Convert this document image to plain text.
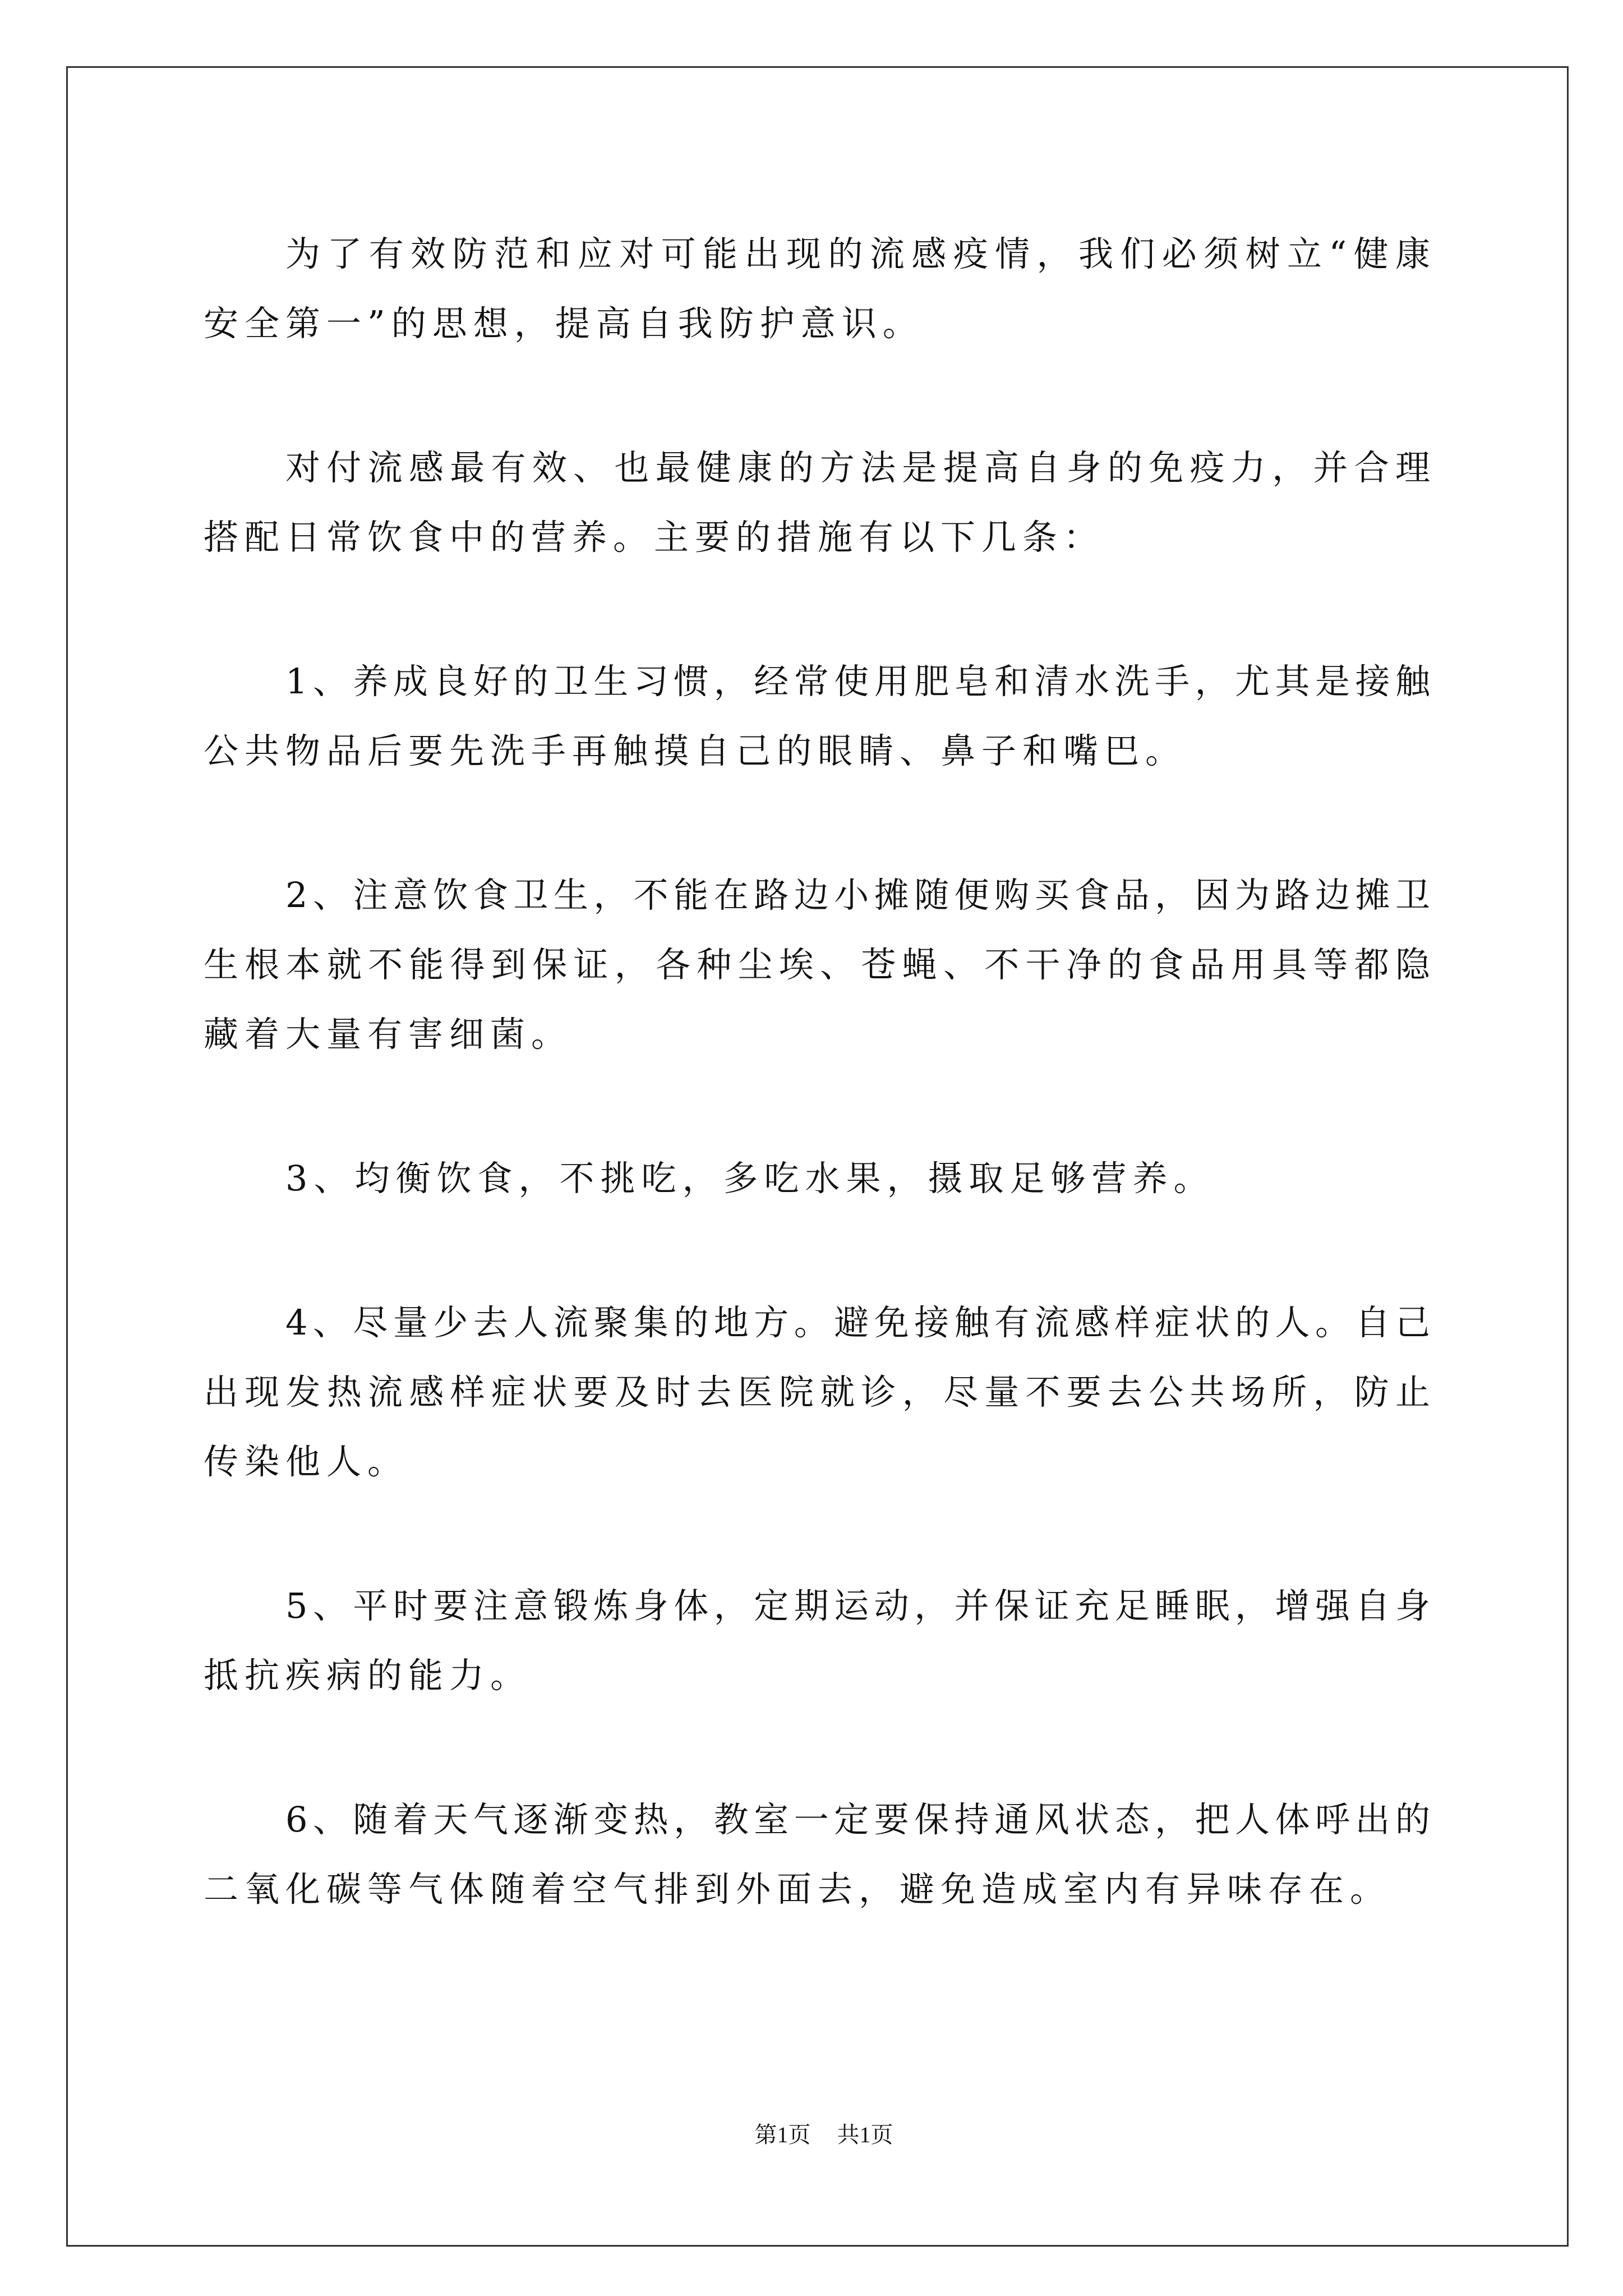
为了有效防范和应对可能出现的流感疫情，我们必须树立“健康
安全第一”的思想，提高自我防护意识。
对付流感最有效、也最健康的方法是提高自身的免疫力，并合理
搭配日常饮食中的营养。主要的措施有以下几条：
1、养成良好的卫生习惯，经常使用肥皂和清水洗手，尤其是接触
公共物品后要先洗手再触摸自己的眼睛、鼻子和嘴巴。
2、注意饮食卫生，不能在路边小摊随便购买食品，因为路边摊卫
生根本就不能得到保证，各种尘埃、苍蝇、不干净的食品用具等都隐
藏着大量有害细菌。
3、均衡饮食，不挑吃，多吃水果，摄取足够营养。
4、尽量少去人流聚集的地方。避免接触有流感样症状的人。自己
出现发热流感样症状要及时去医院就诊，尽量不要去公共场所，防止
传染他人。
5、平时要注意锻炼身体，定期运动，并保证充足睡眠，增强自身
抵抗疾病的能力。
6、随着天气逐渐变热，教室一定要保持通风状态，把人体呼出的
二氧化碳等气体随着空气排到外面去，避免造成室内有异味存在。
第1页 共1页
